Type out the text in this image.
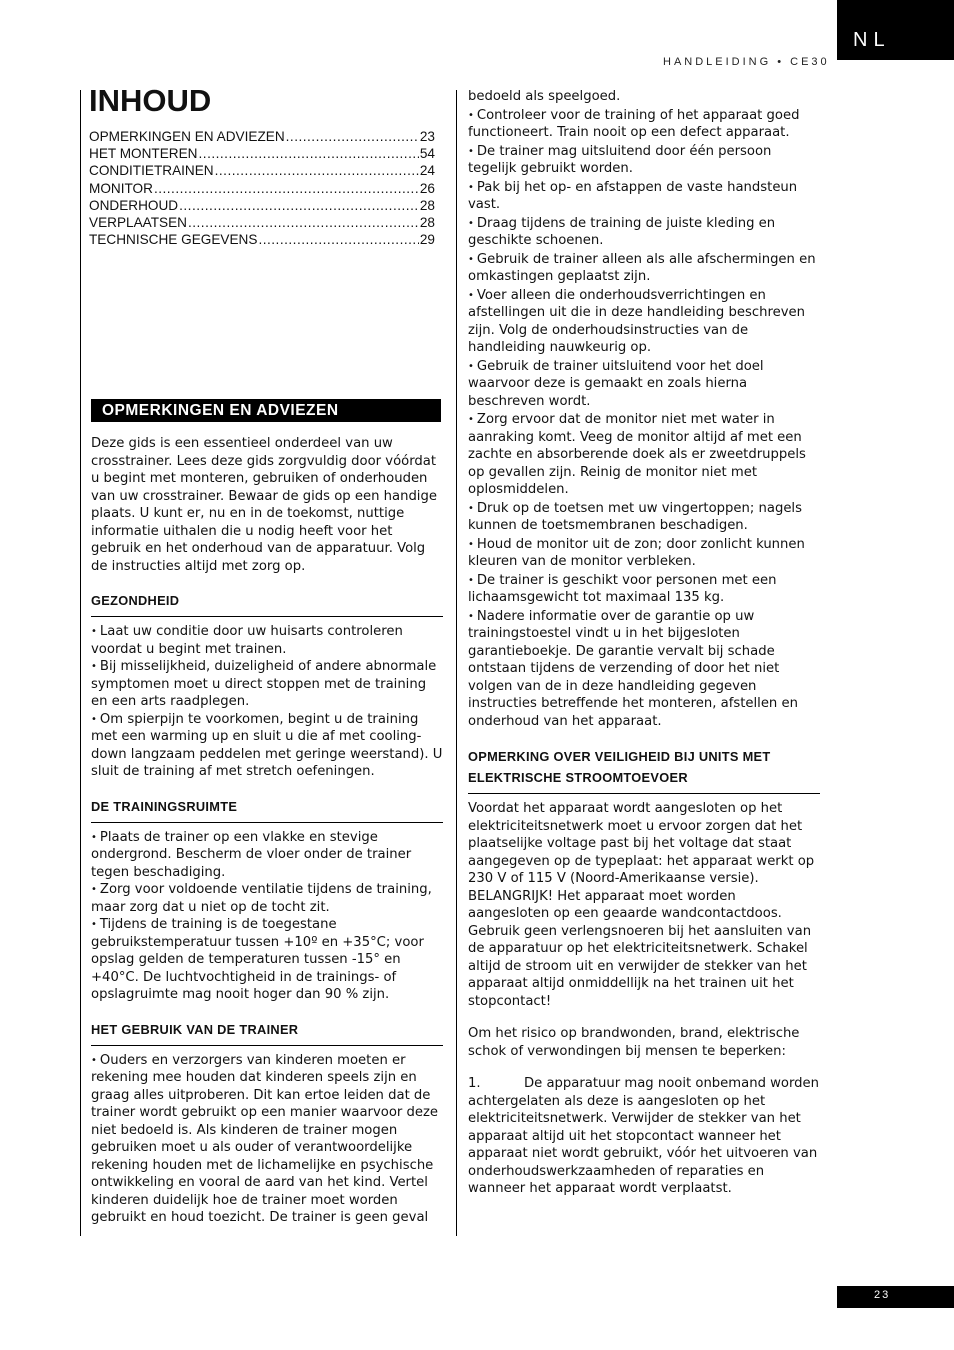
NL
HANDLEIDING • CE30
INHOUD
OPMERKINGEN EN ADVIEZEN .....	23
HET MONTEREN .....	54
CONDITIETRAINEN .....	24
MONITOR .....	26
ONDERHOUD .....	28
VERPLAATSEN .....	28
TECHNISCHE GEGEVENS .....	29
OPMERKINGEN EN ADVIEZEN

Deze gids is een essentieel onderdeel van uw crosstrainer. Lees deze gids zorgvuldig door vóórdat u begint met monteren, gebruiken of onderhouden van uw crosstrainer. Bewaar de gids op een handige plaats. U kunt er, nu en in de toekomst, nuttige informatie uithalen die u nodig heeft voor het gebruik en het onderhoud van de apparatuur. Volg de instructies altijd met zorg op.

GEZONDHEID

• Laat uw conditie door uw huisarts controleren voordat u begint met trainen.

• Bij misselijkheid, duizeligheid of andere abnormale symptomen moet u direct stoppen met de training en een arts raadplegen.

• Om spierpijn te voorkomen, begint u de training met een warming up en sluit u die af met cooling-down langzaam peddelen met geringe weerstand). U sluit de training af met stretch oefeningen.

DE TRAININGSRUIMTE

• Plaats de trainer op een vlakke en stevige ondergrond. Bescherm de vloer onder de trainer tegen beschadiging.

• Zorg voor voldoende ventilatie tijdens de training, maar zorg dat u niet op de tocht zit.

• Tijdens de training is de toegestane gebruikstemperatuur tussen +10º en +35°C; voor opslag gelden de temperaturen tussen -15° en +40°C. De luchtvochtigheid in de trainings- of opslagruimte mag nooit hoger dan 90 % zijn.

HET GEBRUIK VAN DE TRAINER

• Ouders en verzorgers van kinderen moeten er rekening mee houden dat kinderen speels zijn en graag alles uitproberen. Dit kan ertoe leiden dat de trainer wordt gebruikt op een manier waarvoor deze niet bedoeld is. Als kinderen de trainer mogen gebruiken moet u als ouder of verantwoordelijke rekening houden met de lichamelijke en psychische ontwikkeling en vooral de aard van het kind. Vertel kinderen duidelijk hoe de trainer moet worden gebruikt en houd toezicht. De trainer is geen geval

bedoeld als speelgoed.

• Controleer voor de training of het apparaat goed functioneert. Train nooit op een defect apparaat.

• De trainer mag uitsluitend door één persoon tegelijk gebruikt worden.

• Pak bij het op- en afstappen de vaste handsteun vast.

• Draag tijdens de training de juiste kleding en geschikte schoenen.

• Gebruik de trainer alleen als alle afschermingen en omkastingen geplaatst zijn.

• Voer alleen die onderhoudsverrichtingen en afstellingen uit die in deze handleiding beschreven zijn. Volg de onderhoudsinstructies van de handleiding nauwkeurig op.

• Gebruik de trainer uitsluitend voor het doel waarvoor deze is gemaakt en zoals hierna beschreven wordt.

• Zorg ervoor dat de monitor niet met water in aanraking komt. Veeg de monitor altijd af met een zachte en absorberende doek als er zweetdruppels op gevallen zijn. Reinig de monitor niet met oplosmiddelen.

• Druk op de toetsen met uw vingertoppen; nagels kunnen de toetsmembranen beschadigen.

• Houd de monitor uit de zon; door zonlicht kunnen kleuren van de monitor verbleken.

• De trainer is geschikt voor personen met een lichaamsgewicht tot maximaal 135 kg.

• Nadere informatie over de garantie op uw trainingstoestel vindt u in het bijgesloten garantieboekje. De garantie vervalt bij schade ontstaan tijdens de verzending of door het niet volgen van de in deze handleiding gegeven instructies betreffende het monteren, afstellen en onderhoud van het apparaat.

OPMERKING OVER VEILIGHEID BIJ UNITS MET ELEKTRISCHE STROOMTOEVOER

Voordat het apparaat wordt aangesloten op het elektriciteitsnetwerk moet u ervoor zorgen dat het plaatselijke voltage past bij het voltage dat staat aangegeven op de typeplaat: het apparaat werkt op 230 V of 115 V (Noord-Amerikaanse versie). BELANGRIJK! Het apparaat moet worden aangesloten op een geaarde wandcontactdoos. Gebruik geen verlengsnoeren bij het aansluiten van de apparatuur op het elektriciteitsnetwerk. Schakel altijd de stroom uit en verwijder de stekker van het apparaat altijd onmiddellijk na het trainen uit het stopcontact!

Om het risico op brandwonden, brand, elektrische schok of verwondingen bij mensen te beperken:

1.	De apparatuur mag nooit onbemand worden achtergelaten als deze is aangesloten op het elektriciteitsnetwerk. Verwijder de stekker van het apparaat altijd uit het stopcontact wanneer het apparaat niet wordt gebruikt, vóór het uitvoeren van onderhoudswerkzaamheden of reparaties en wanneer het apparaat wordt verplaatst.

23
